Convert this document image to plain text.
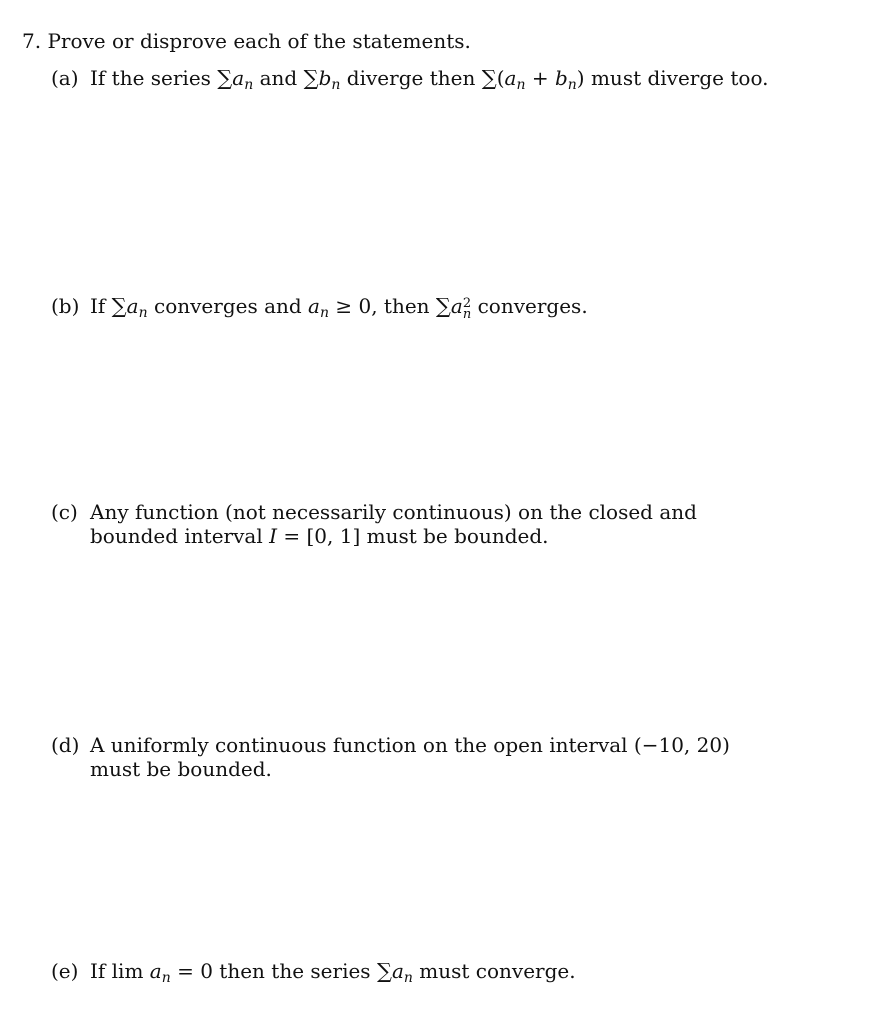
7. Prove or disprove each of the statements.
(a) If the series $\sum a_n$ and $\sum b_n$ diverge then $\sum(a_n + b_n)$ must diverge too.
(b) If $\sum a_n$ converges and $a_n \ge 0$, then ∑a 2
n converges.
(c) Any function (not necessarily continuous) on the closed and bounded interval I = [0, 1] must be bounded.
(d) A uniformly continuous function on the open interval (−10, 20) must be bounded.
(e) If $\lim a_n = 0$ then the series $\sum a_n$ must converge.
